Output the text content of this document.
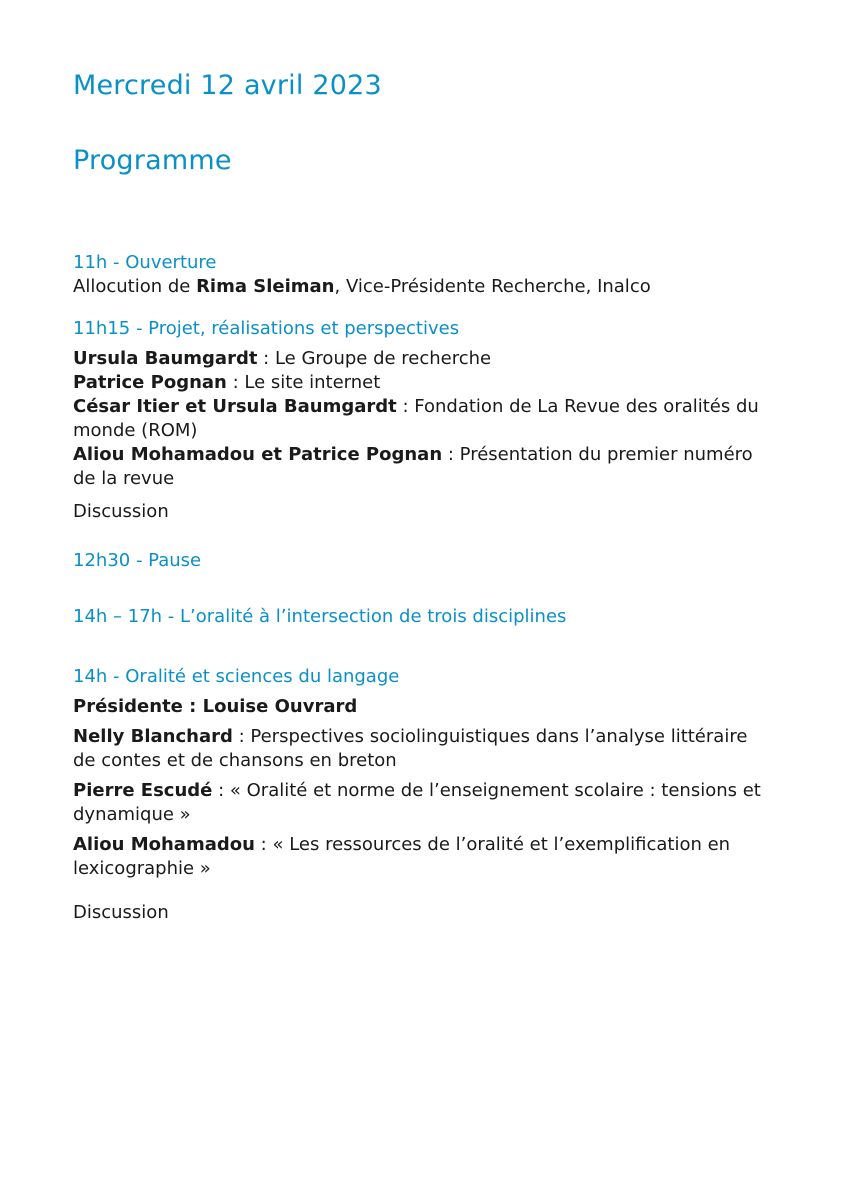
Mercredi 12 avril 2023
Programme

11h - Ouverture

Allocution de Rima Sleiman, Vice-Présidente Recherche, Inalco

11h15 - Projet, réalisations et perspectives

Ursula Baumgardt : Le Groupe de recherche

Patrice Pognan : Le site internet

César Itier et Ursula Baumgardt : Fondation de La Revue des oralités du monde (ROM)

Aliou Mohamadou et Patrice Pognan : Présentation du premier numéro de la revue

Discussion
12h30 - Pause
14h – 17h - L’oralité à l’intersection de trois disciplines

14h - Oralité et sciences du langage

Présidente : Louise Ouvrard

Nelly Blanchard : Perspectives sociolinguistiques dans l’analyse littéraire de contes et de chansons en breton

Pierre Escudé : « Oralité et norme de l’enseignement scolaire : tensions et dynamique »

Aliou Mohamadou : « Les ressources de l’oralité et l’exemplification en lexicographie »

Discussion
